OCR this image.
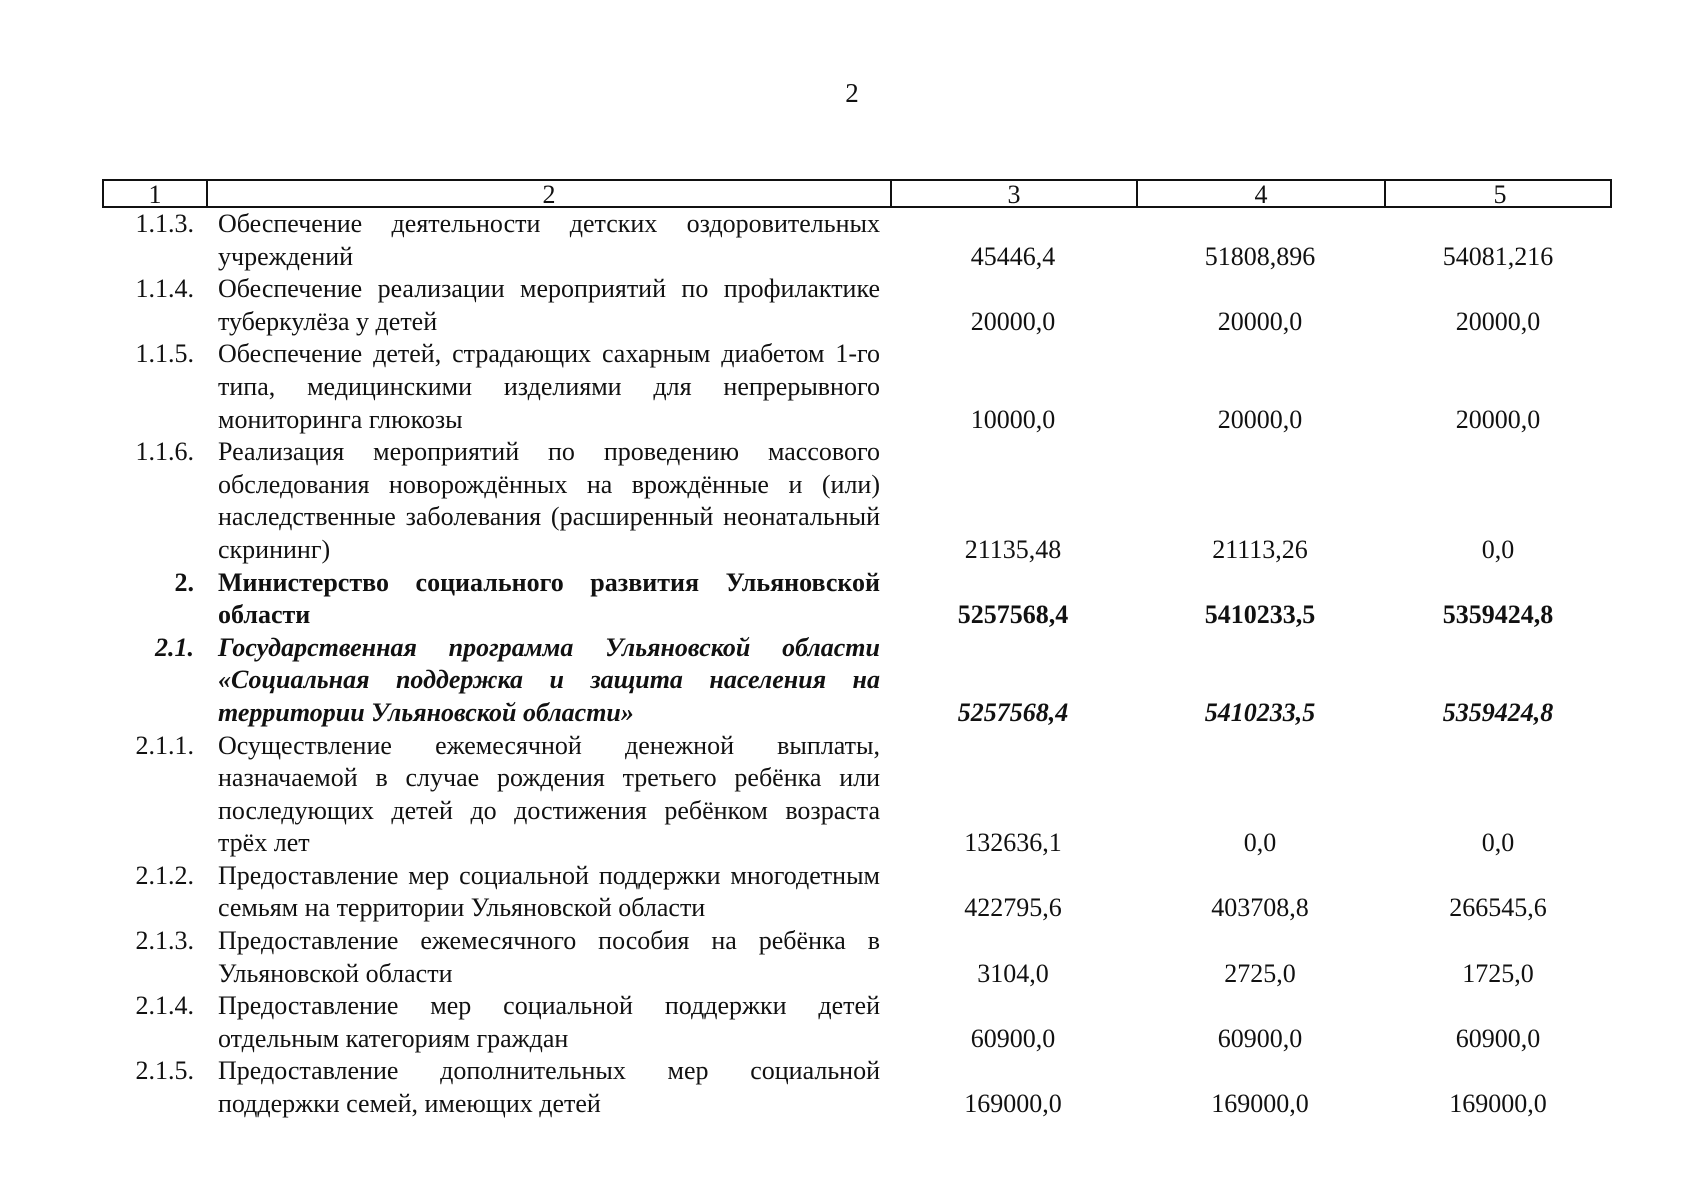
2
1	2	3	4	5
1.1.3. Обеспечение деятельности детских оздоровительных учреждений	45446,4	51808,896	54081,216
1.1.4. Обеспечение реализации мероприятий по профилактике туберкулёза у детей	20000,0	20000,0	20000,0
1.1.5. Обеспечение детей, страдающих сахарным диабетом 1-го типа, медицинскими изделиями для непрерывного мониторинга глюкозы	10000,0	20000,0	20000,0
1.1.6. Реализация мероприятий по проведению массового обследования новорождённых на врождённые и (или) наследственные заболевания (расширенный неонатальный скрининг)	21135,48	21113,26	0,0
2. Министерство социального развития Ульяновской области	5257568,4	5410233,5	5359424,8
2.1. Государственная программа Ульяновской области «Социальная поддержка и защита населения на территории Ульяновской области»	5257568,4	5410233,5	5359424,8
2.1.1. Осуществление ежемесячной денежной выплаты, назначаемой в случае рождения третьего ребёнка или последующих детей до достижения ребёнком возраста трёх лет	132636,1	0,0	0,0
2.1.2. Предоставление мер социальной поддержки многодетным семьям на территории Ульяновской области	422795,6	403708,8	266545,6
2.1.3. Предоставление ежемесячного пособия на ребёнка в Ульяновской области	3104,0	2725,0	1725,0
2.1.4. Предоставление мер социальной поддержки детей отдельным категориям граждан	60900,0	60900,0	60900,0
2.1.5. Предоставление дополнительных мер социальной поддержки семей, имеющих детей	169000,0	169000,0	169000,0
